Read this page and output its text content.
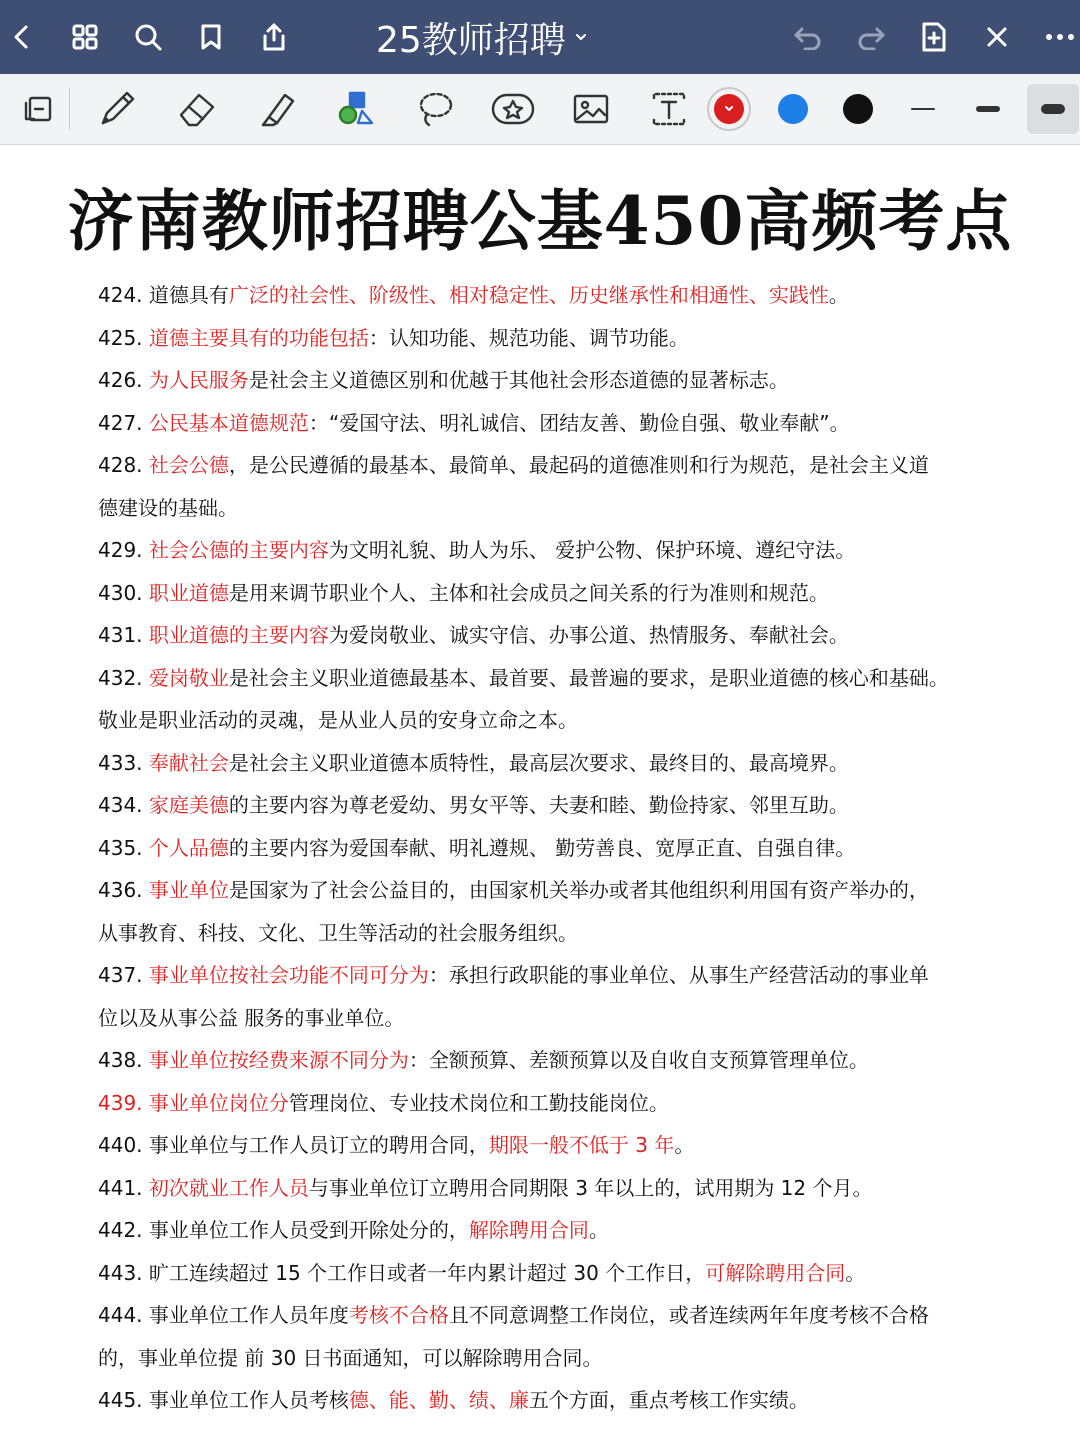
25教师招聘
济南教师招聘公基450高频考点
424. 道德具有广泛的社会性、阶级性、相对稳定性、历史继承性和相通性、实践性。
425. 道德主要具有的功能包括：认知功能、规范功能、调节功能。
426. 为人民服务是社会主义道德区别和优越于其他社会形态道德的显著标志。
427. 公民基本道德规范：“爱国守法、明礼诚信、团结友善、勤俭自强、敬业奉献”。
428. 社会公德，是公民遵循的最基本、最简单、最起码的道德准则和行为规范，是社会主义道
德建设的基础。
429. 社会公德的主要内容为文明礼貌、助人为乐、 爱护公物、保护环境、遵纪守法。
430. 职业道德是用来调节职业个人、主体和社会成员之间关系的行为准则和规范。
431. 职业道德的主要内容为爱岗敬业、诚实守信、办事公道、热情服务、奉献社会。
432. 爱岗敬业是社会主义职业道德最基本、最首要、最普遍的要求，是职业道德的核心和基础。
敬业是职业活动的灵魂，是从业人员的安身立命之本。
433. 奉献社会是社会主义职业道德本质特性，最高层次要求、最终目的、最高境界。
434. 家庭美德的主要内容为尊老爱幼、男女平等、夫妻和睦、勤俭持家、邻里互助。
435. 个人品德的主要内容为爱国奉献、明礼遵规、 勤劳善良、宽厚正直、自强自律。
436. 事业单位是国家为了社会公益目的，由国家机关举办或者其他组织利用国有资产举办的，
从事教育、科技、文化、卫生等活动的社会服务组织。
437. 事业单位按社会功能不同可分为：承担行政职能的事业单位、从事生产经营活动的事业单
位以及从事公益 服务的事业单位。
438. 事业单位按经费来源不同分为：全额预算、差额预算以及自收自支预算管理单位。
439. 事业单位岗位分管理岗位、专业技术岗位和工勤技能岗位。
440. 事业单位与工作人员订立的聘用合同，期限一般不低于 3 年。
441. 初次就业工作人员与事业单位订立聘用合同期限 3 年以上的，试用期为 12 个月。
442. 事业单位工作人员受到开除处分的，解除聘用合同。
443. 旷工连续超过 15 个工作日或者一年内累计超过 30 个工作日，可解除聘用合同。
444. 事业单位工作人员年度考核不合格且不同意调整工作岗位，或者连续两年年度考核不合格
的，事业单位提 前 30 日书面通知，可以解除聘用合同。
445. 事业单位工作人员考核德、能、勤、绩、廉五个方面，重点考核工作实绩。
